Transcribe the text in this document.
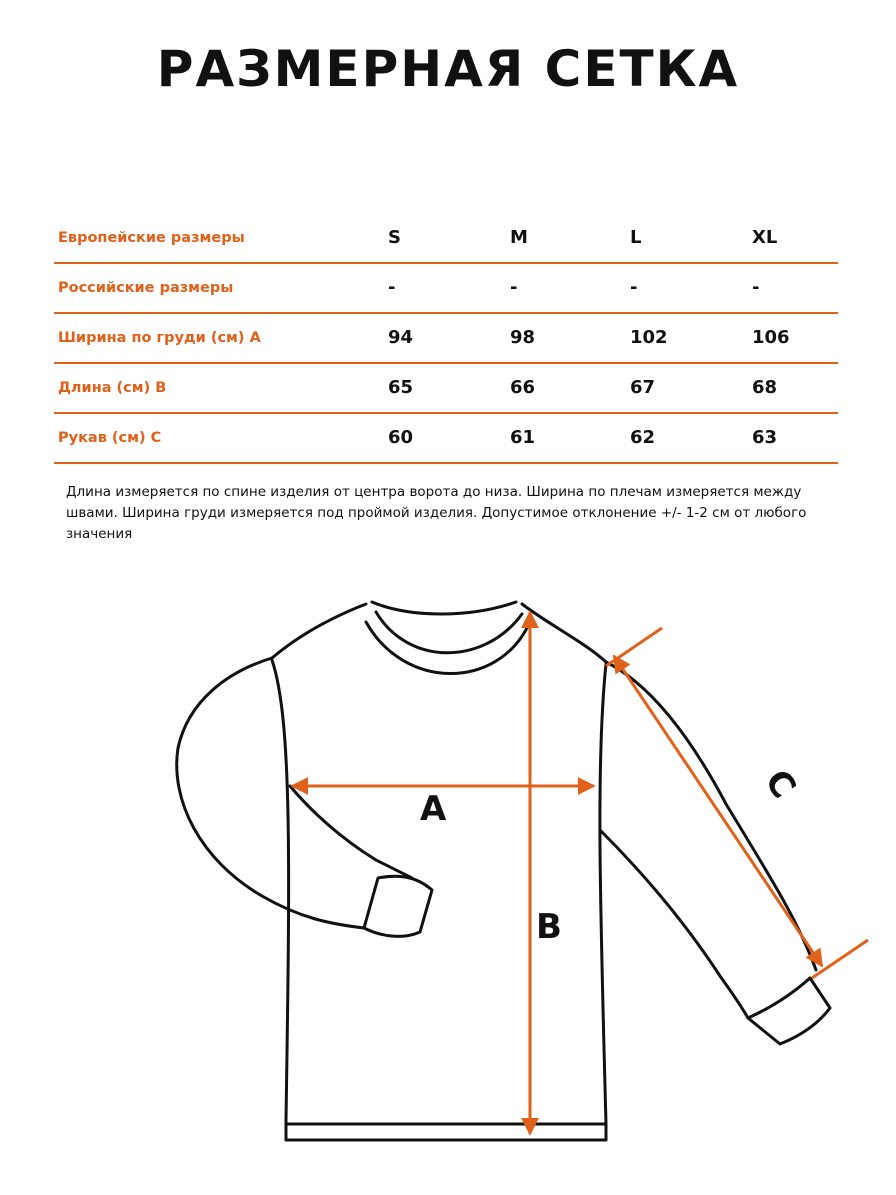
РАЗМЕРНАЯ СЕТКА
Европейские размеры	S	M	L	XL
Российские размеры	-	-	-	-
Ширина по груди (см) А	94	98	102	106
Длина (см) В	65	66	67	68
Рукав (см) С	60	61	62	63
Длина измеряется по спине изделия от центра ворота до низа. Ширина по плечам измеряется между швами. Ширина груди измеряется под проймой изделия. Допустимое отклонение +/- 1-2 см от любого значения
A
B
C
